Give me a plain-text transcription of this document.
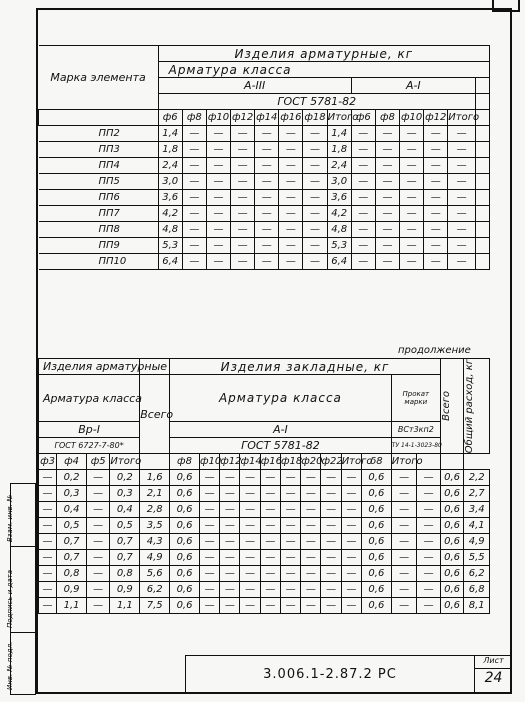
Марка элемента	Изделия арматурные, кг													
	Арматура класса													
	А-III								А-I					
	ГОСТ 5781-82													
	ф6	ф8	ф10	ф12	ф14	ф16	ф18	Итого	ф6	ф8	ф10	ф12	Итого	
ПП2	1,4	—	—	—	—	—	—	1,4	—	—	—	—	—	
ПП3	1,8	—	—	—	—	—	—	1,8	—	—	—	—	—	
ПП4	2,4	—	—	—	—	—	—	2,4	—	—	—	—	—	
ПП5	3,0	—	—	—	—	—	—	3,0	—	—	—	—	—	
ПП6	3,6	—	—	—	—	—	—	3,6	—	—	—	—	—	
ПП7	4,2	—	—	—	—	—	—	4,2	—	—	—	—	—	
ПП8	4,8	—	—	—	—	—	—	4,8	—	—	—	—	—	
ПП9	5,3	—	—	—	—	—	—	5,3	—	—	—	—	—	
ПП10	6,4	—	—	—	—	—	—	6,4	—	—	—	—	—	
продолжение
Изделия арматурные					Изделия закладные, кг												Всего	Общий расход, кг

Арматура класса				Всего	Арматура класса										Прокат марки			
Вр-I					А-I										ВСт3кп2			
ГОСТ 6727-7-80*					ГОСТ 5781-82										ТУ 14-1-3023-80			
ф3	ф4	ф5	Итого		ф8	ф10	ф12	ф14	ф16	ф18	ф20	ф22	Итого	δ8	Итого			
—	0,2	—	0,2	1,6	0,6	—	—	—	—	—	—	—	—	0,6	—	—	0,6	2,2
—	0,3	—	0,3	2,1	0,6	—	—	—	—	—	—	—	—	0,6	—	—	0,6	2,7
—	0,4	—	0,4	2,8	0,6	—	—	—	—	—	—	—	—	0,6	—	—	0,6	3,4
—	0,5	—	0,5	3,5	0,6	—	—	—	—	—	—	—	—	0,6	—	—	0,6	4,1
—	0,7	—	0,7	4,3	0,6	—	—	—	—	—	—	—	—	0,6	—	—	0,6	4,9
—	0,7	—	0,7	4,9	0,6	—	—	—	—	—	—	—	—	0,6	—	—	0,6	5,5
—	0,8	—	0,8	5,6	0,6	—	—	—	—	—	—	—	—	0,6	—	—	0,6	6,2
—	0,9	—	0,9	6,2	0,6	—	—	—	—	—	—	—	—	0,6	—	—	0,6	6,8
—	1,1	—	1,1	7,5	0,6	—	—	—	—	—	—	—	—	0,6	—	—	0,6	8,1
Взам. инв. №
Подпись и дата
Инв. № подл.	3.006.1-2.87.2 РС
Лист
24
